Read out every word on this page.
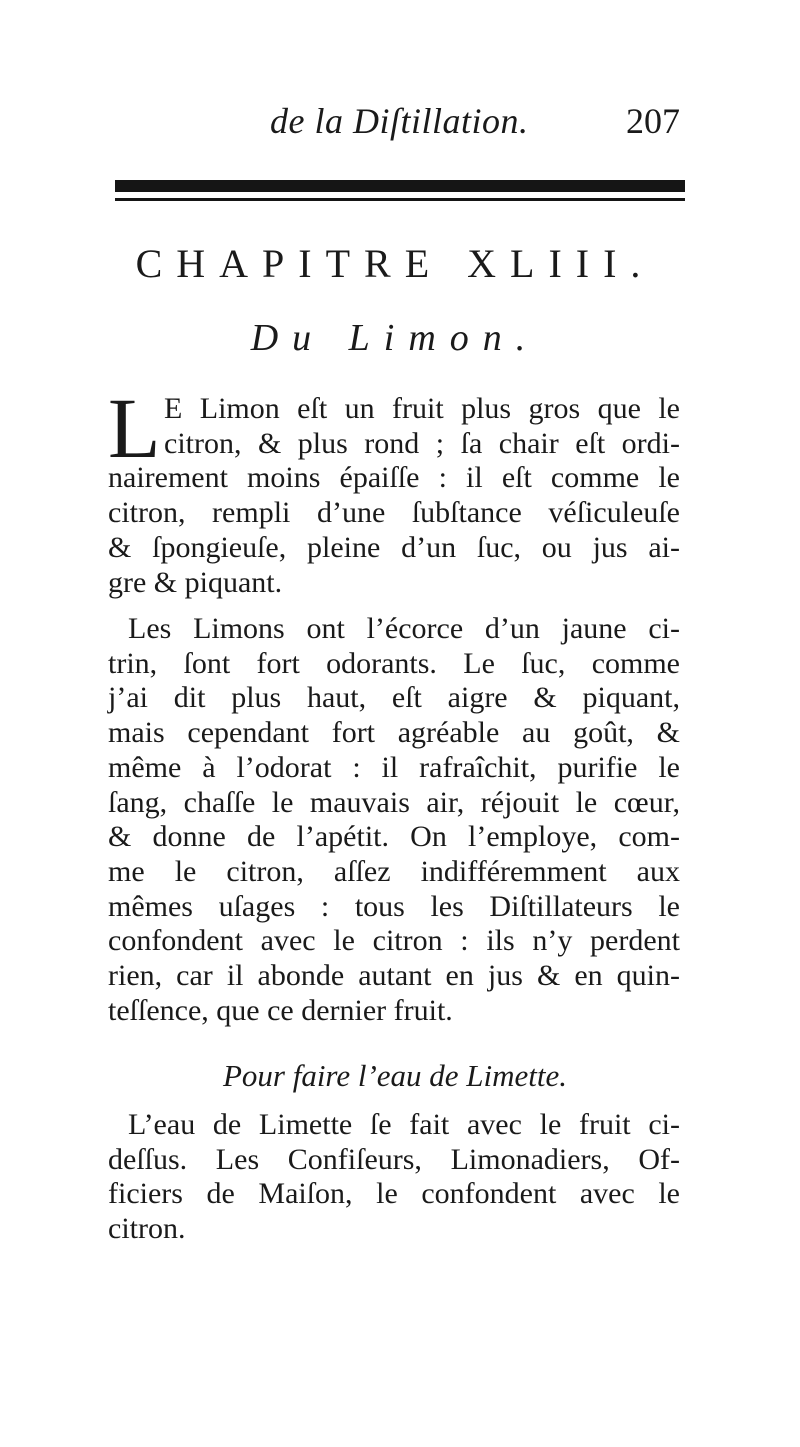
de la Diſtillation.	207
CHAPITRE XLIII.
Du Limon.
L E Limon eſt un fruit plus gros que le
citron, & plus rond ; ſa chair eſt ordi-
nairement moins épaiſſe : il eſt comme le
citron, rempli d’une ſubſtance véſiculeuſe
& ſpongieuſe, pleine d’un ſuc, ou jus ai-
gre & piquant.
Les Limons ont l’écorce d’un jaune ci-
trin, ſont fort odorants. Le ſuc, comme
j’ai dit plus haut, eſt aigre & piquant,
mais cependant fort agréable au goût, &
même à l’odorat : il rafraîchit, purifie le
ſang, chaſſe le mauvais air, réjouit le cœur,
& donne de l’apétit. On l’employe, com-
me le citron, aſſez indifféremment aux
mêmes uſages : tous les Diſtillateurs le
confondent avec le citron : ils n’y perdent
rien, car il abonde autant en jus & en quin-
teſſence, que ce dernier fruit.
Pour faire l’eau de Limette.
L’eau de Limette ſe fait avec le fruit ci-
deſſus. Les Confiſeurs, Limonadiers, Of-
ficiers de Maiſon, le confondent avec le
citron.
